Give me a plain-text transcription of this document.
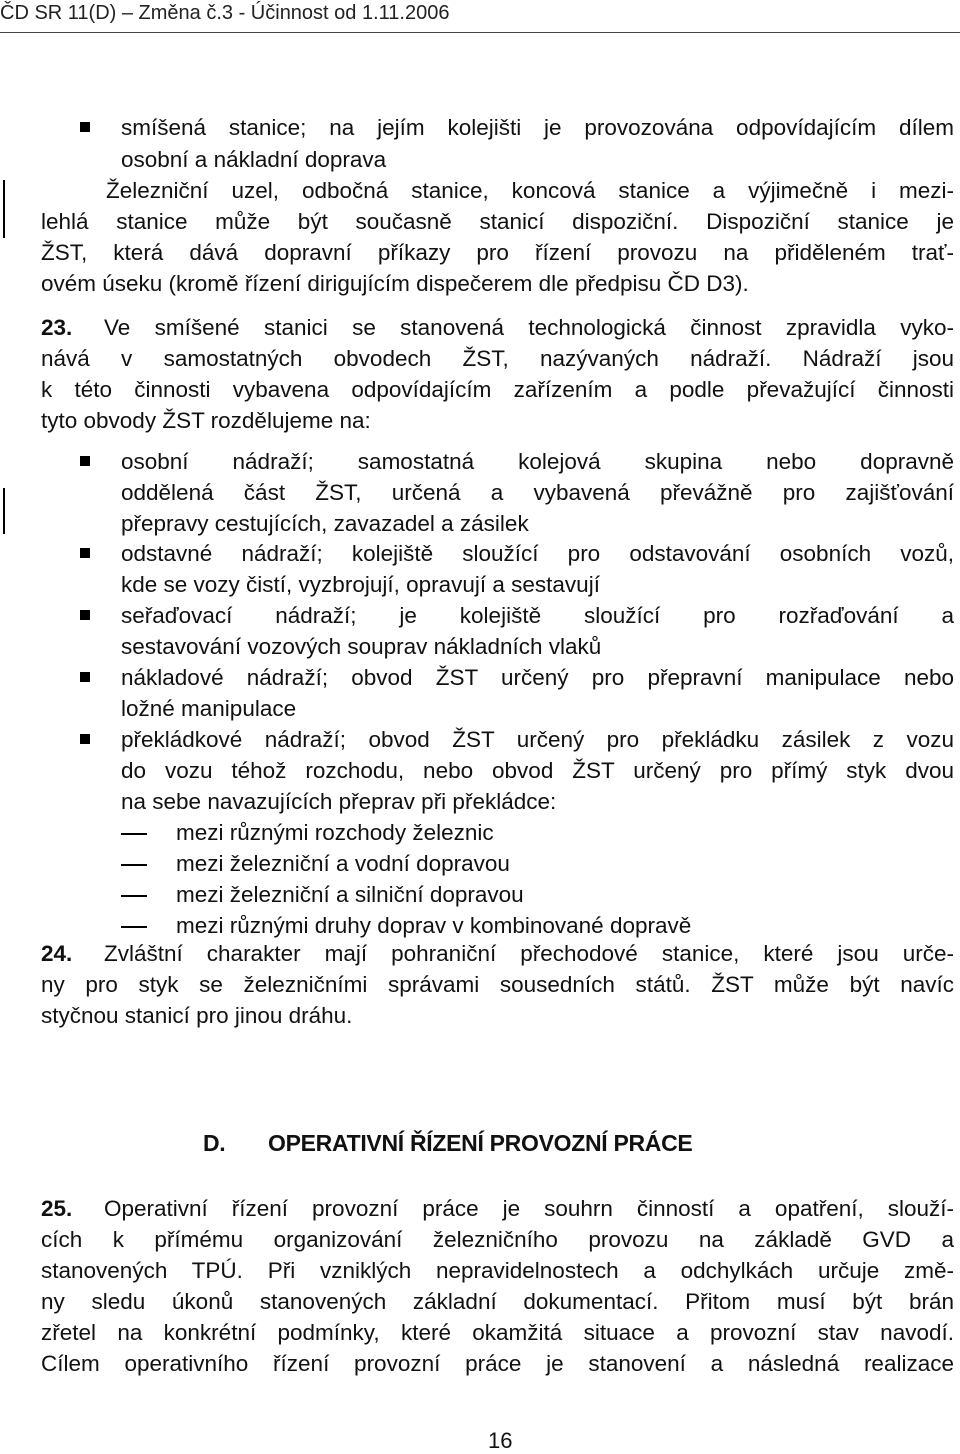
ČD SR 11(D) – Změna č.3 - Účinnost od 1.11.2006
smíšená stanice; na jejím kolejišti je provozována odpovídajícím dílem
osobní a nákladní doprava
Železniční uzel, odbočná stanice, koncová stanice a výjimečně i mezi-
lehlá stanice může být současně stanicí dispoziční. Dispoziční stanice je
ŽST, která dává dopravní příkazy pro řízení provozu na přiděleném trať-
ovém úseku (kromě řízení dirigujícím dispečerem dle předpisu ČD D3).
23. Ve smíšené stanici se stanovená technologická činnost zpravidla vyko-
nává v samostatných obvodech ŽST, nazývaných nádraží. Nádraží jsou
k této činnosti vybavena odpovídajícím zařízením a podle převažující činnosti
tyto obvody ŽST rozdělujeme na:
osobní nádraží; samostatná kolejová skupina nebo dopravně
oddělená část ŽST, určená a vybavená převážně pro zajišťování
přepravy cestujících, zavazadel a zásilek
odstavné nádraží; kolejiště sloužící pro odstavování osobních vozů,
kde se vozy čistí, vyzbrojují, opravují a sestavují
seřaďovací nádraží; je kolejiště sloužící pro rozřaďování a
sestavování vozových souprav nákladních vlaků
nákladové nádraží; obvod ŽST určený pro přepravní manipulace nebo
ložné manipulace
překládkové nádraží; obvod ŽST určený pro překládku zásilek z vozu
do vozu téhož rozchodu, nebo obvod ŽST určený pro přímý styk dvou
na sebe navazujících přeprav při překládce:
mezi různými rozchody železnic
mezi železniční a vodní dopravou
mezi železniční a silniční dopravou
mezi různými druhy doprav v kombinované dopravě
24. Zvláštní charakter mají pohraniční přechodové stanice, které jsou urče-
ny pro styk se železničními správami sousedních států. ŽST může být navíc
styčnou stanicí pro jinou dráhu.
D. OPERATIVNÍ ŘÍZENÍ PROVOZNÍ PRÁCE
25. Operativní řízení provozní práce je souhrn činností a opatření, slouží-
cích k přímému organizování železničního provozu na základě GVD a
stanovených TPÚ. Při vzniklých nepravidelnostech a odchylkách určuje změ-
ny sledu úkonů stanovených základní dokumentací. Přitom musí být brán
zřetel na konkrétní podmínky, které okamžitá situace a provozní stav navodí.
Cílem operativního řízení provozní práce je stanovení a následná realizace
16
